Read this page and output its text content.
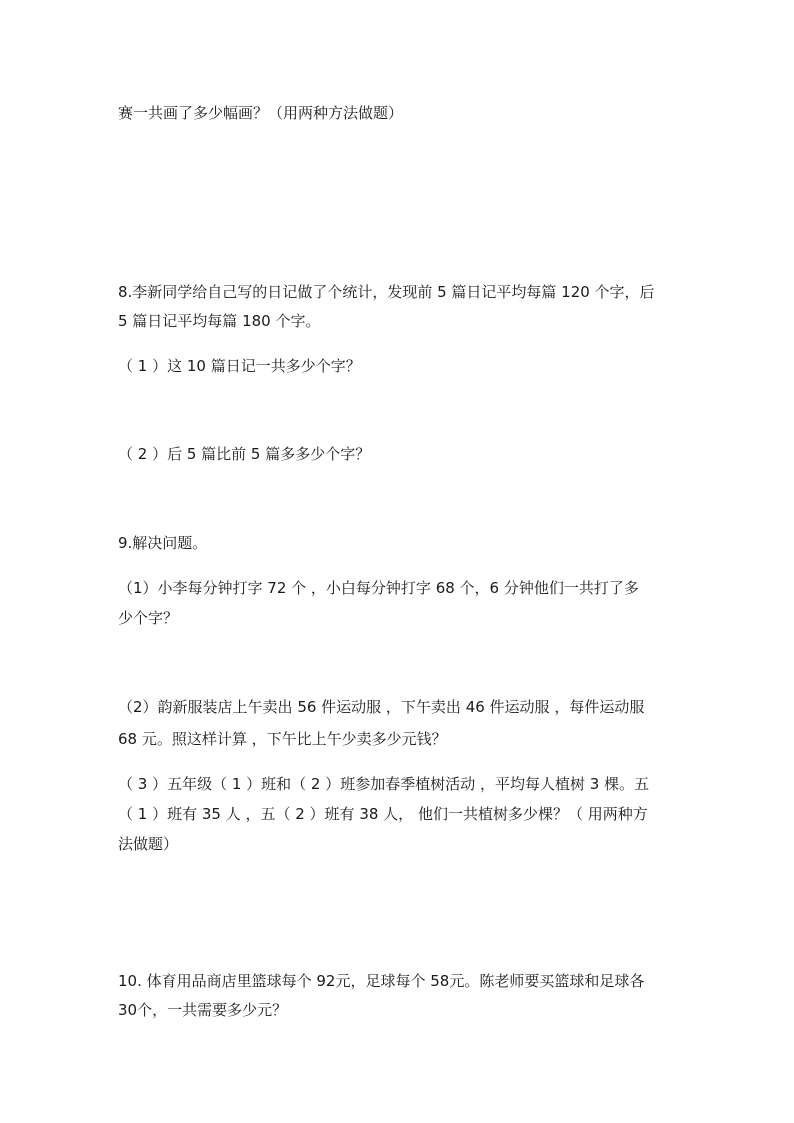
赛一共画了多少幅画？（用两种方法做题）
8.李新同学给自己写的日记做了个统计，发现前 5 篇日记平均每篇 120 个字，后
5 篇日记平均每篇 180 个字。
（ 1 ）这 10 篇日记一共多少个字？
（ 2 ）后 5 篇比前 5 篇多多少个字？
9.解决问题。
（1）小李每分钟打字 72 个 ，小白每分钟打字 68 个，6 分钟他们一共打了多
少个字？
（2）韵新服装店上午卖出 56 件运动服 ，下午卖出 46 件运动服 ，每件运动服
68 元。照这样计算 ，下午比上午少卖多少元钱？
（ 3 ）五年级（ 1 ）班和（ 2 ）班参加春季植树活动 ，平均每人植树 3 棵。五
（ 1 ）班有 35 人 ，五（ 2 ）班有 38 人， 他们一共植树多少棵？（ 用两种方
法做题）
10. 体育用品商店里篮球每个 92元，足球每个 58元。陈老师要买篮球和足球各
30个，一共需要多少元？
